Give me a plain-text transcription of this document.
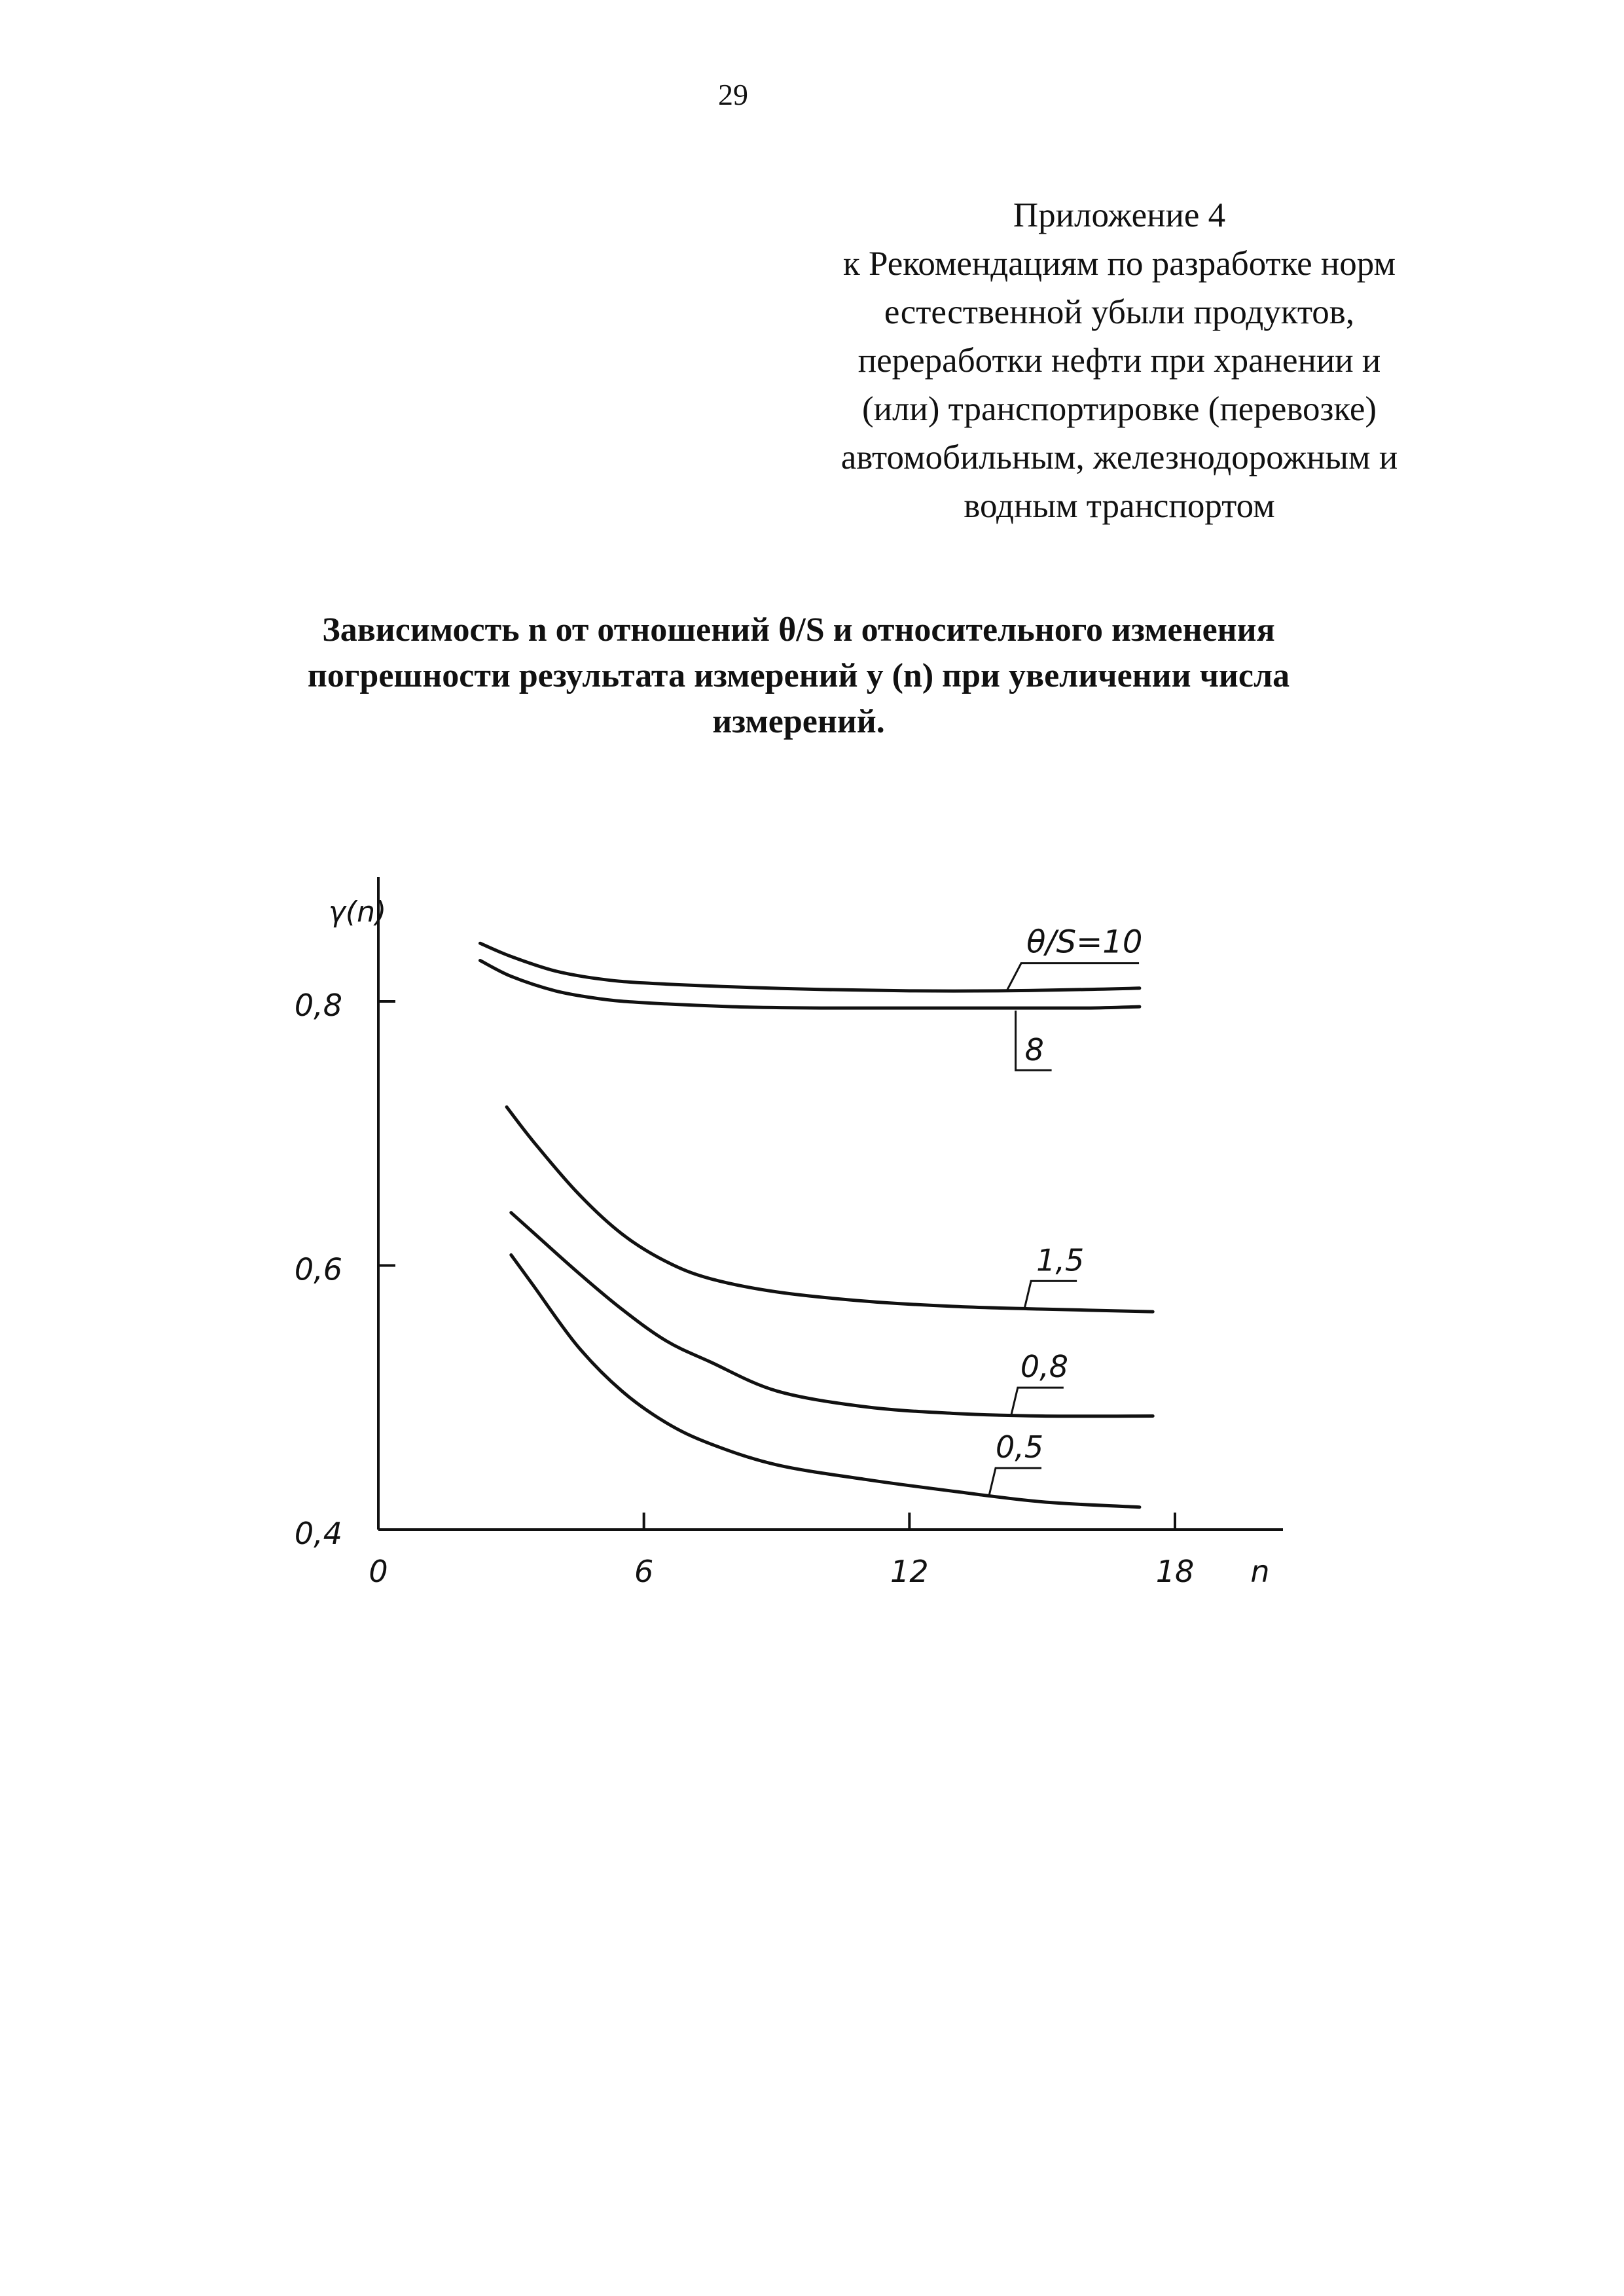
29
Приложение 4
к Рекомендациям по разработке норм
естественной убыли продуктов,
переработки нефти при хранении и
(или) транспортировке (перевозке)
автомобильным, железнодорожным и
водным транспортом
Зависимость n от отношений θ/S и относительного изменения
погрешности результата измерений y (n) при увеличении числа
измерений.
0,4
0,6
0,8
0	6	12	18
γ(n)
n
θ/S=10
8
1,5
0,8
0,5
